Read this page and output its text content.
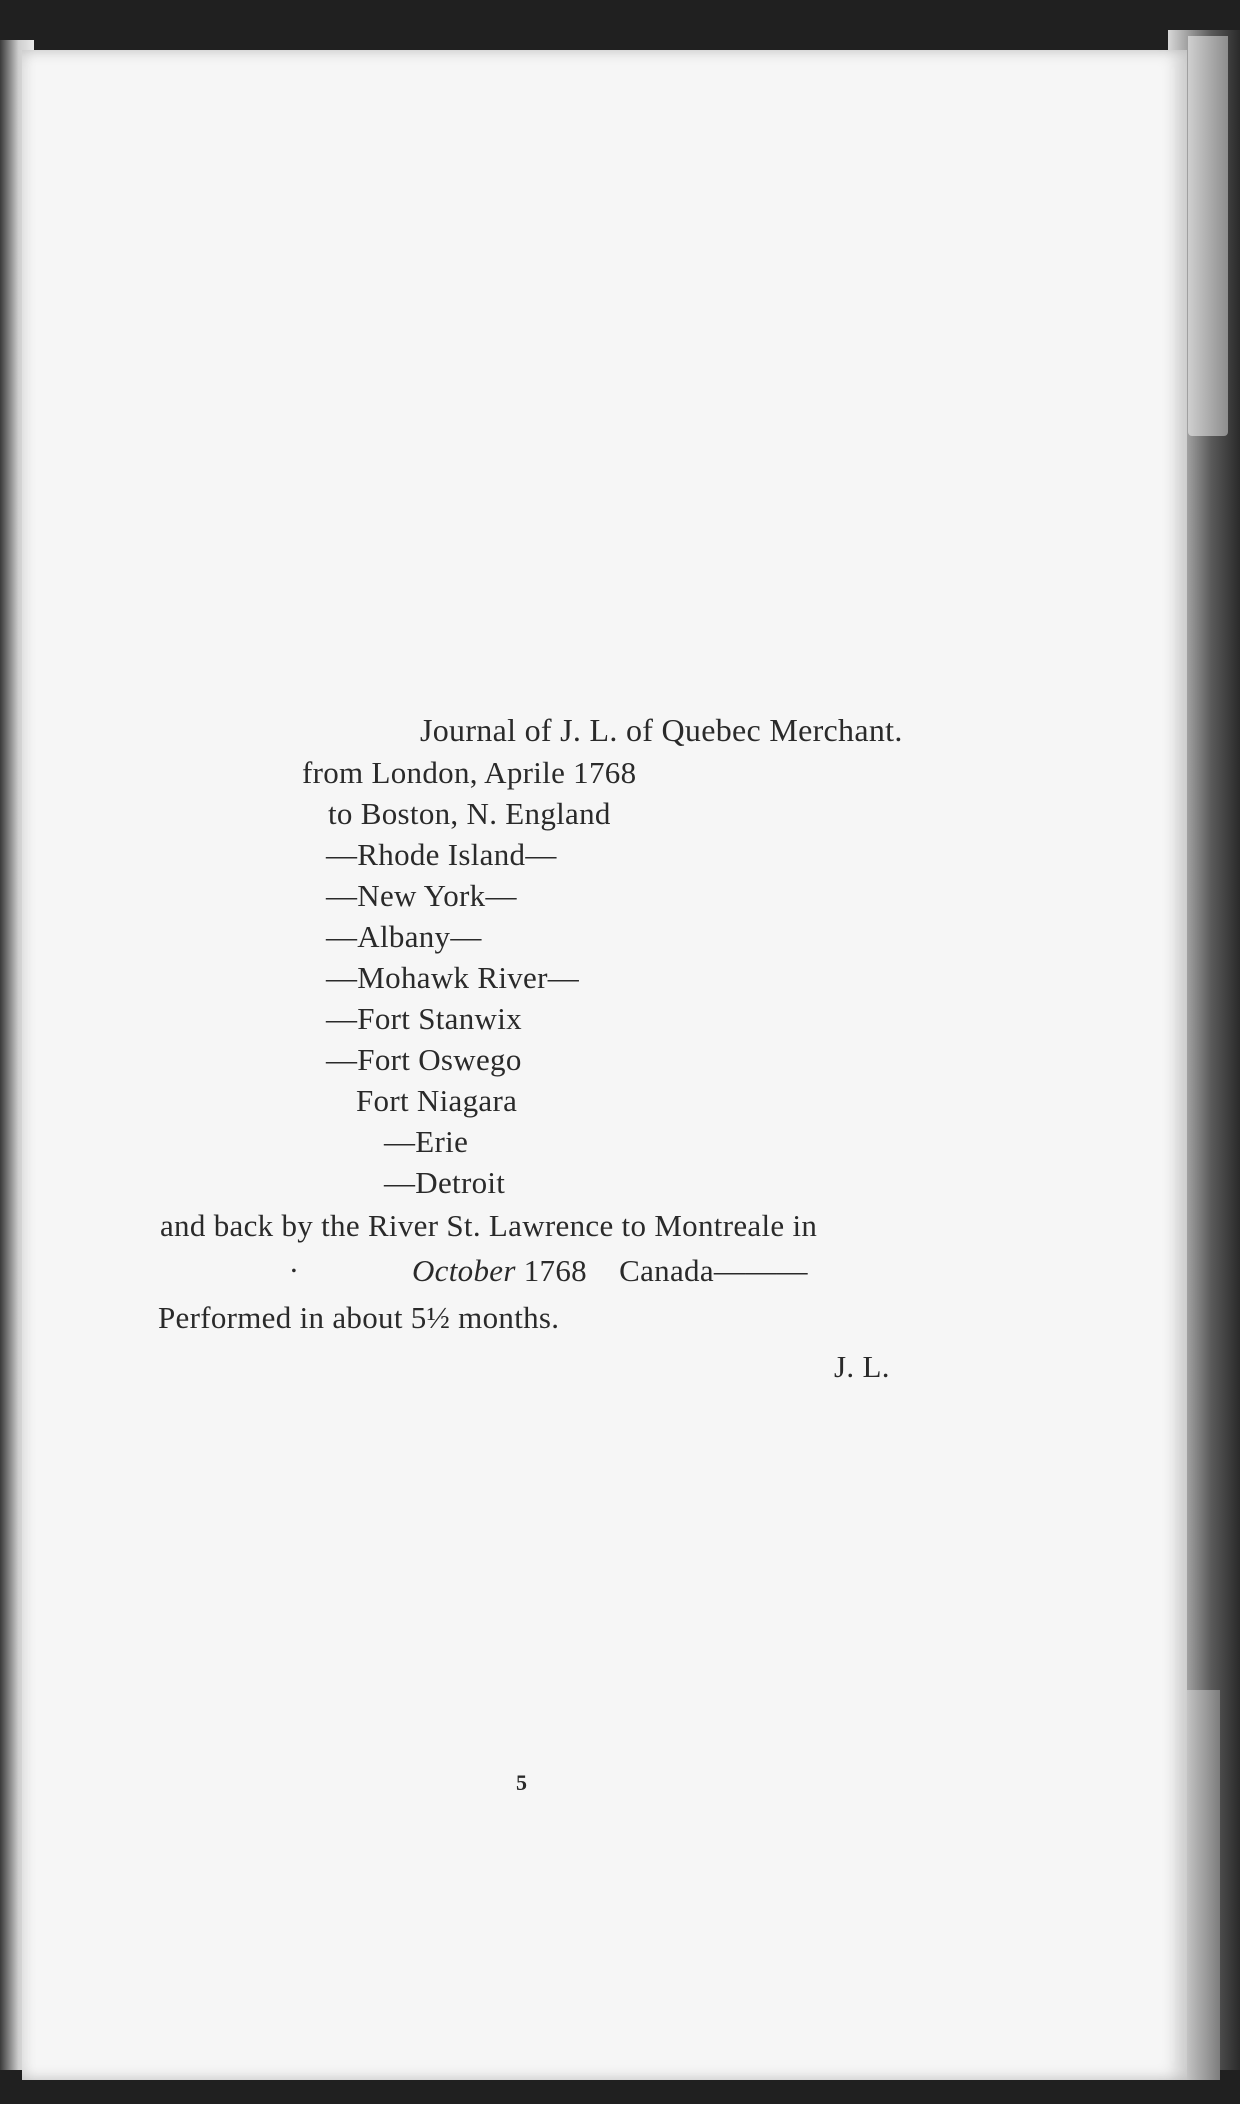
Journal of J. L. of Quebec Merchant.
from London, Aprile 1768
to Boston, N. England
—Rhode Island—
—New York—
—Albany—
—Mohawk River—
—Fort Stanwix
—Fort Oswego
Fort Niagara
—Erie
—Detroit
and back by the River St. Lawrence to Montreale in
.	October 1768    Canada———
Performed in about 5½ months.
J. L.
5
